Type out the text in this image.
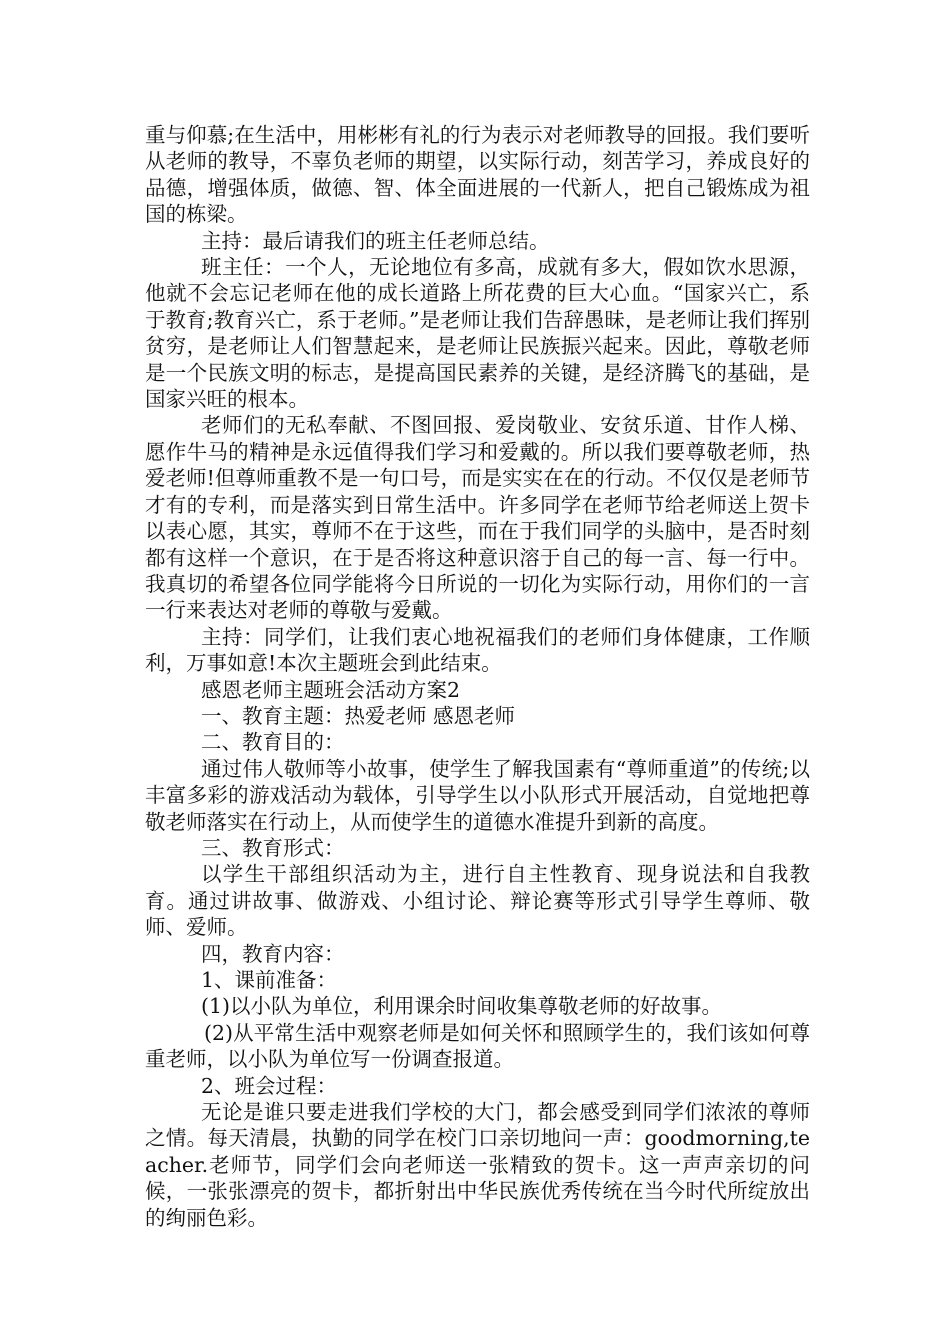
重与仰慕;在生活中，用彬彬有礼的行为表示对老师教导的回报。我们要听从老师的教导，不辜负老师的期望，以实际行动，刻苦学习，养成良好的品德，增强体质，做德、智、体全面进展的一代新人，把自己锻炼成为祖国的栋梁。

主持：最后请我们的班主任老师总结。

班主任：一个人，无论地位有多高，成就有多大，假如饮水思源，他就不会忘记老师在他的成长道路上所花费的巨大心血。“国家兴亡，系于教育;教育兴亡，系于老师。”是老师让我们告辞愚昧，是老师让我们挥别贫穷，是老师让人们智慧起来，是老师让民族振兴起来。因此，尊敬老师是一个民族文明的标志，是提高国民素养的关键，是经济腾飞的基础，是国家兴旺的根本。

老师们的无私奉献、不图回报、爱岗敬业、安贫乐道、甘作人梯、愿作牛马的精神是永远值得我们学习和爱戴的。所以我们要尊敬老师，热爱老师!但尊师重教不是一句口号，而是实实在在的行动。不仅仅是老师节才有的专利，而是落实到日常生活中。许多同学在老师节给老师送上贺卡以表心愿，其实，尊师不在于这些，而在于我们同学的头脑中，是否时刻都有这样一个意识，在于是否将这种意识溶于自己的每一言、每一行中。我真切的希望各位同学能将今日所说的一切化为实际行动，用你们的一言一行来表达对老师的尊敬与爱戴。

主持：同学们，让我们衷心地祝福我们的老师们身体健康，工作顺利，万事如意!本次主题班会到此结束。

感恩老师主题班会活动方案2

一、教育主题：热爱老师 感恩老师

二、教育目的：

通过伟人敬师等小故事，使学生了解我国素有“尊师重道”的传统;以丰富多彩的游戏活动为载体，引导学生以小队形式开展活动，自觉地把尊敬老师落实在行动上，从而使学生的道德水准提升到新的高度。

三、教育形式：

以学生干部组织活动为主，进行自主性教育、现身说法和自我教育。通过讲故事、做游戏、小组讨论、辩论赛等形式引导学生尊师、敬师、爱师。

四，教育内容：

1、课前准备：

(1)以小队为单位，利用课余时间收集尊敬老师的好故事。

(2)从平常生活中观察老师是如何关怀和照顾学生的，我们该如何尊重老师，以小队为单位写一份调查报道。

2、班会过程：

无论是谁只要走进我们学校的大门，都会感受到同学们浓浓的尊师之情。每天清晨，执勤的同学在校门口亲切地问一声：goodmorning,teacher.老师节，同学们会向老师送一张精致的贺卡。这一声声亲切的问候，一张张漂亮的贺卡，都折射出中华民族优秀传统在当今时代所绽放出的绚丽色彩。
